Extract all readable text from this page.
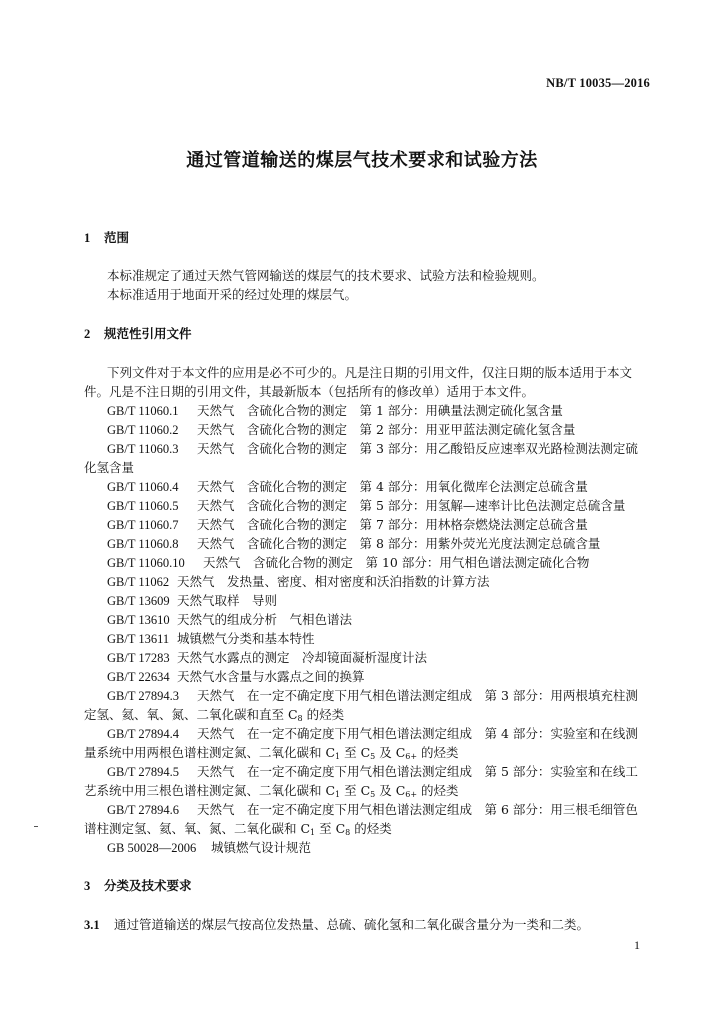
NB/T 10035—2016
通过管道输送的煤层气技术要求和试验方法
1 范围
本标准规定了通过天然气管网输送的煤层气的技术要求、试验方法和检验规则。
本标准适用于地面开采的经过处理的煤层气。
2 规范性引用文件
下列文件对于本文件的应用是必不可少的。凡是注日期的引用文件，仅注日期的版本适用于本文
件。凡是不注日期的引用文件，其最新版本（包括所有的修改单）适用于本文件。
GB/T 11060.1 天然气　含硫化合物的测定　第 1 部分：用碘量法测定硫化氢含量
GB/T 11060.2 天然气　含硫化合物的测定　第 2 部分：用亚甲蓝法测定硫化氢含量
GB/T 11060.3 天然气　含硫化合物的测定　第 3 部分：用乙酸铅反应速率双光路检测法测定硫
化氢含量
GB/T 11060.4 天然气　含硫化合物的测定　第 4 部分：用氧化微库仑法测定总硫含量
GB/T 11060.5 天然气　含硫化合物的测定　第 5 部分：用氢解—速率计比色法测定总硫含量
GB/T 11060.7 天然气　含硫化合物的测定　第 7 部分：用林格奈燃烧法测定总硫含量
GB/T 11060.8 天然气　含硫化合物的测定　第 8 部分：用紫外荧光光度法测定总硫含量
GB/T 11060.10 天然气　含硫化合物的测定　第 10 部分：用气相色谱法测定硫化合物
GB/T 11062 天然气　发热量、密度、相对密度和沃泊指数的计算方法
GB/T 13609 天然气取样　导则
GB/T 13610 天然气的组成分析　气相色谱法
GB/T 13611 城镇燃气分类和基本特性
GB/T 17283 天然气水露点的测定　冷却镜面凝析湿度计法
GB/T 22634 天然气水含量与水露点之间的换算
GB/T 27894.3 天然气　在一定不确定度下用气相色谱法测定组成　第 3 部分：用两根填充柱测
定氢、氦、氧、氮、二氧化碳和直至 $C_8$ 的烃类
GB/T 27894.4 天然气　在一定不确定度下用气相色谱法测定组成　第 4 部分：实验室和在线测
量系统中用两根色谱柱测定氮、二氧化碳和 $C_1$ 至 $C_5$ 及 $C_{6+}$ 的烃类
GB/T 27894.5 天然气　在一定不确定度下用气相色谱法测定组成　第 5 部分：实验室和在线工
艺系统中用三根色谱柱测定氮、二氧化碳和 $C_1$ 至 $C_5$ 及 $C_{6+}$ 的烃类
GB/T 27894.6 天然气　在一定不确定度下用气相色谱法测定组成　第 6 部分：用三根毛细管色
谱柱测定氢、氦、氧、氮、二氧化碳和 $C_1$ 至 $C_8$ 的烃类
GB 50028—2006 城镇燃气设计规范
3 分类及技术要求
3.1 通过管道输送的煤层气按高位发热量、总硫、硫化氢和二氧化碳含量分为一类和二类。
1
